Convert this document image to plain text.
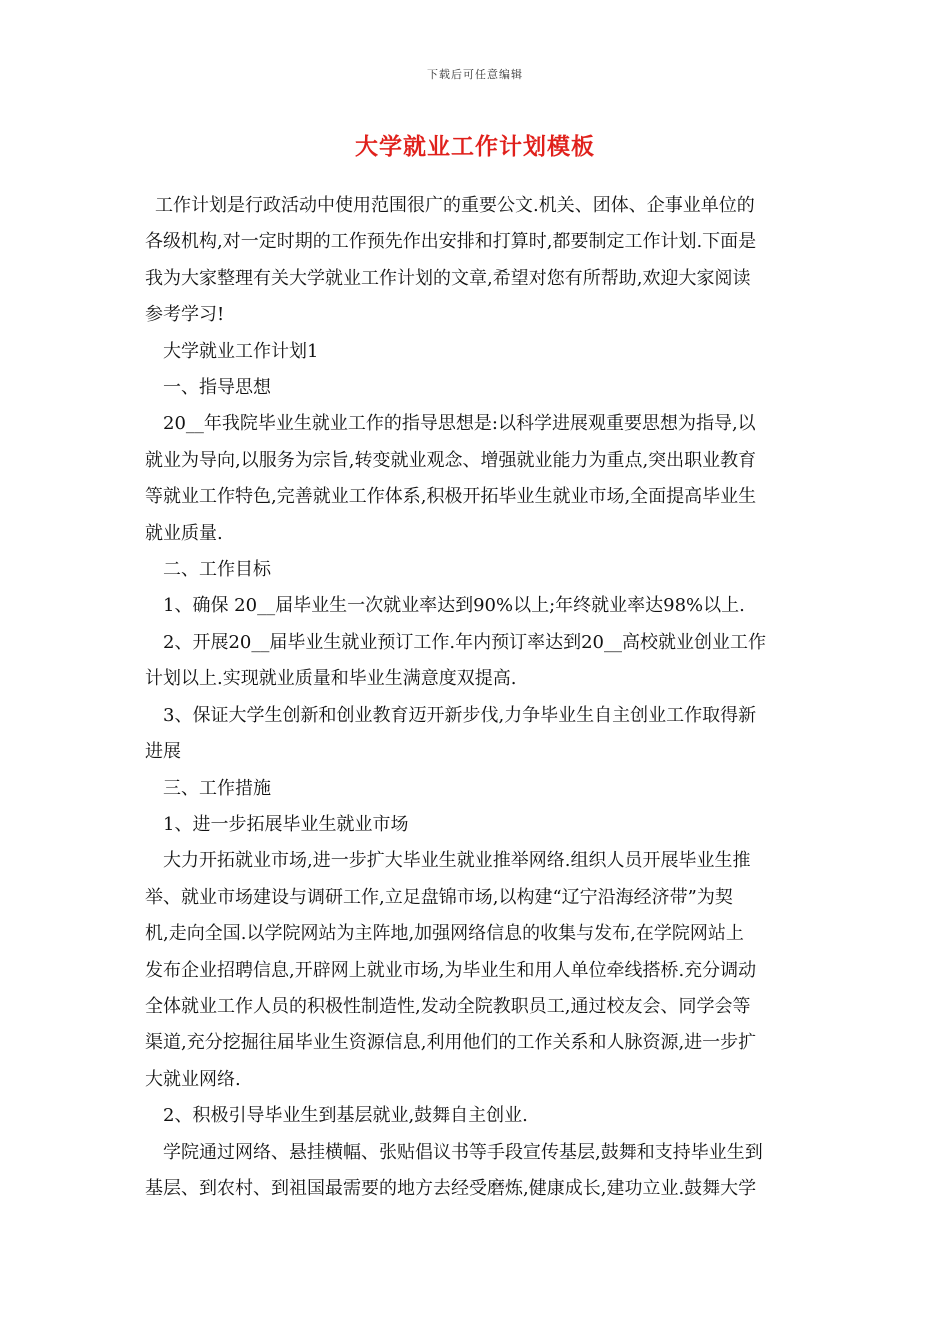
下载后可任意编辑
大学就业工作计划模板

工作计划是行政活动中使用范围很广的重要公文.机关、团体、企事业单位的

各级机构,对一定时期的工作预先作出安排和打算时,都要制定工作计划.下面是

我为大家整理有关大学就业工作计划的文章,希望对您有所帮助,欢迎大家阅读

参考学习!

大学就业工作计划1

一、指导思想

20__年我院毕业生就业工作的指导思想是:以科学进展观重要思想为指导,以

就业为导向,以服务为宗旨,转变就业观念、增强就业能力为重点,突出职业教育

等就业工作特色,完善就业工作体系,积极开拓毕业生就业市场,全面提高毕业生

就业质量.

二、工作目标

1、确保 20__届毕业生一次就业率达到90%以上;年终就业率达98%以上.

2、开展20__届毕业生就业预订工作.年内预订率达到20__高校就业创业工作

计划以上.实现就业质量和毕业生满意度双提高.

3、保证大学生创新和创业教育迈开新步伐,力争毕业生自主创业工作取得新

进展

三、工作措施

1、进一步拓展毕业生就业市场

大力开拓就业市场,进一步扩大毕业生就业推举网络.组织人员开展毕业生推

举、就业市场建设与调研工作,立足盘锦市场,以构建“辽宁沿海经济带”为契

机,走向全国.以学院网站为主阵地,加强网络信息的收集与发布,在学院网站上

发布企业招聘信息,开辟网上就业市场,为毕业生和用人单位牵线搭桥.充分调动

全体就业工作人员的积极性制造性,发动全院教职员工,通过校友会、同学会等

渠道,充分挖掘往届毕业生资源信息,利用他们的工作关系和人脉资源,进一步扩

大就业网络.

2、积极引导毕业生到基层就业,鼓舞自主创业.

学院通过网络、悬挂横幅、张贴倡议书等手段宣传基层,鼓舞和支持毕业生到

基层、到农村、到祖国最需要的地方去经受磨炼,健康成长,建功立业.鼓舞大学
